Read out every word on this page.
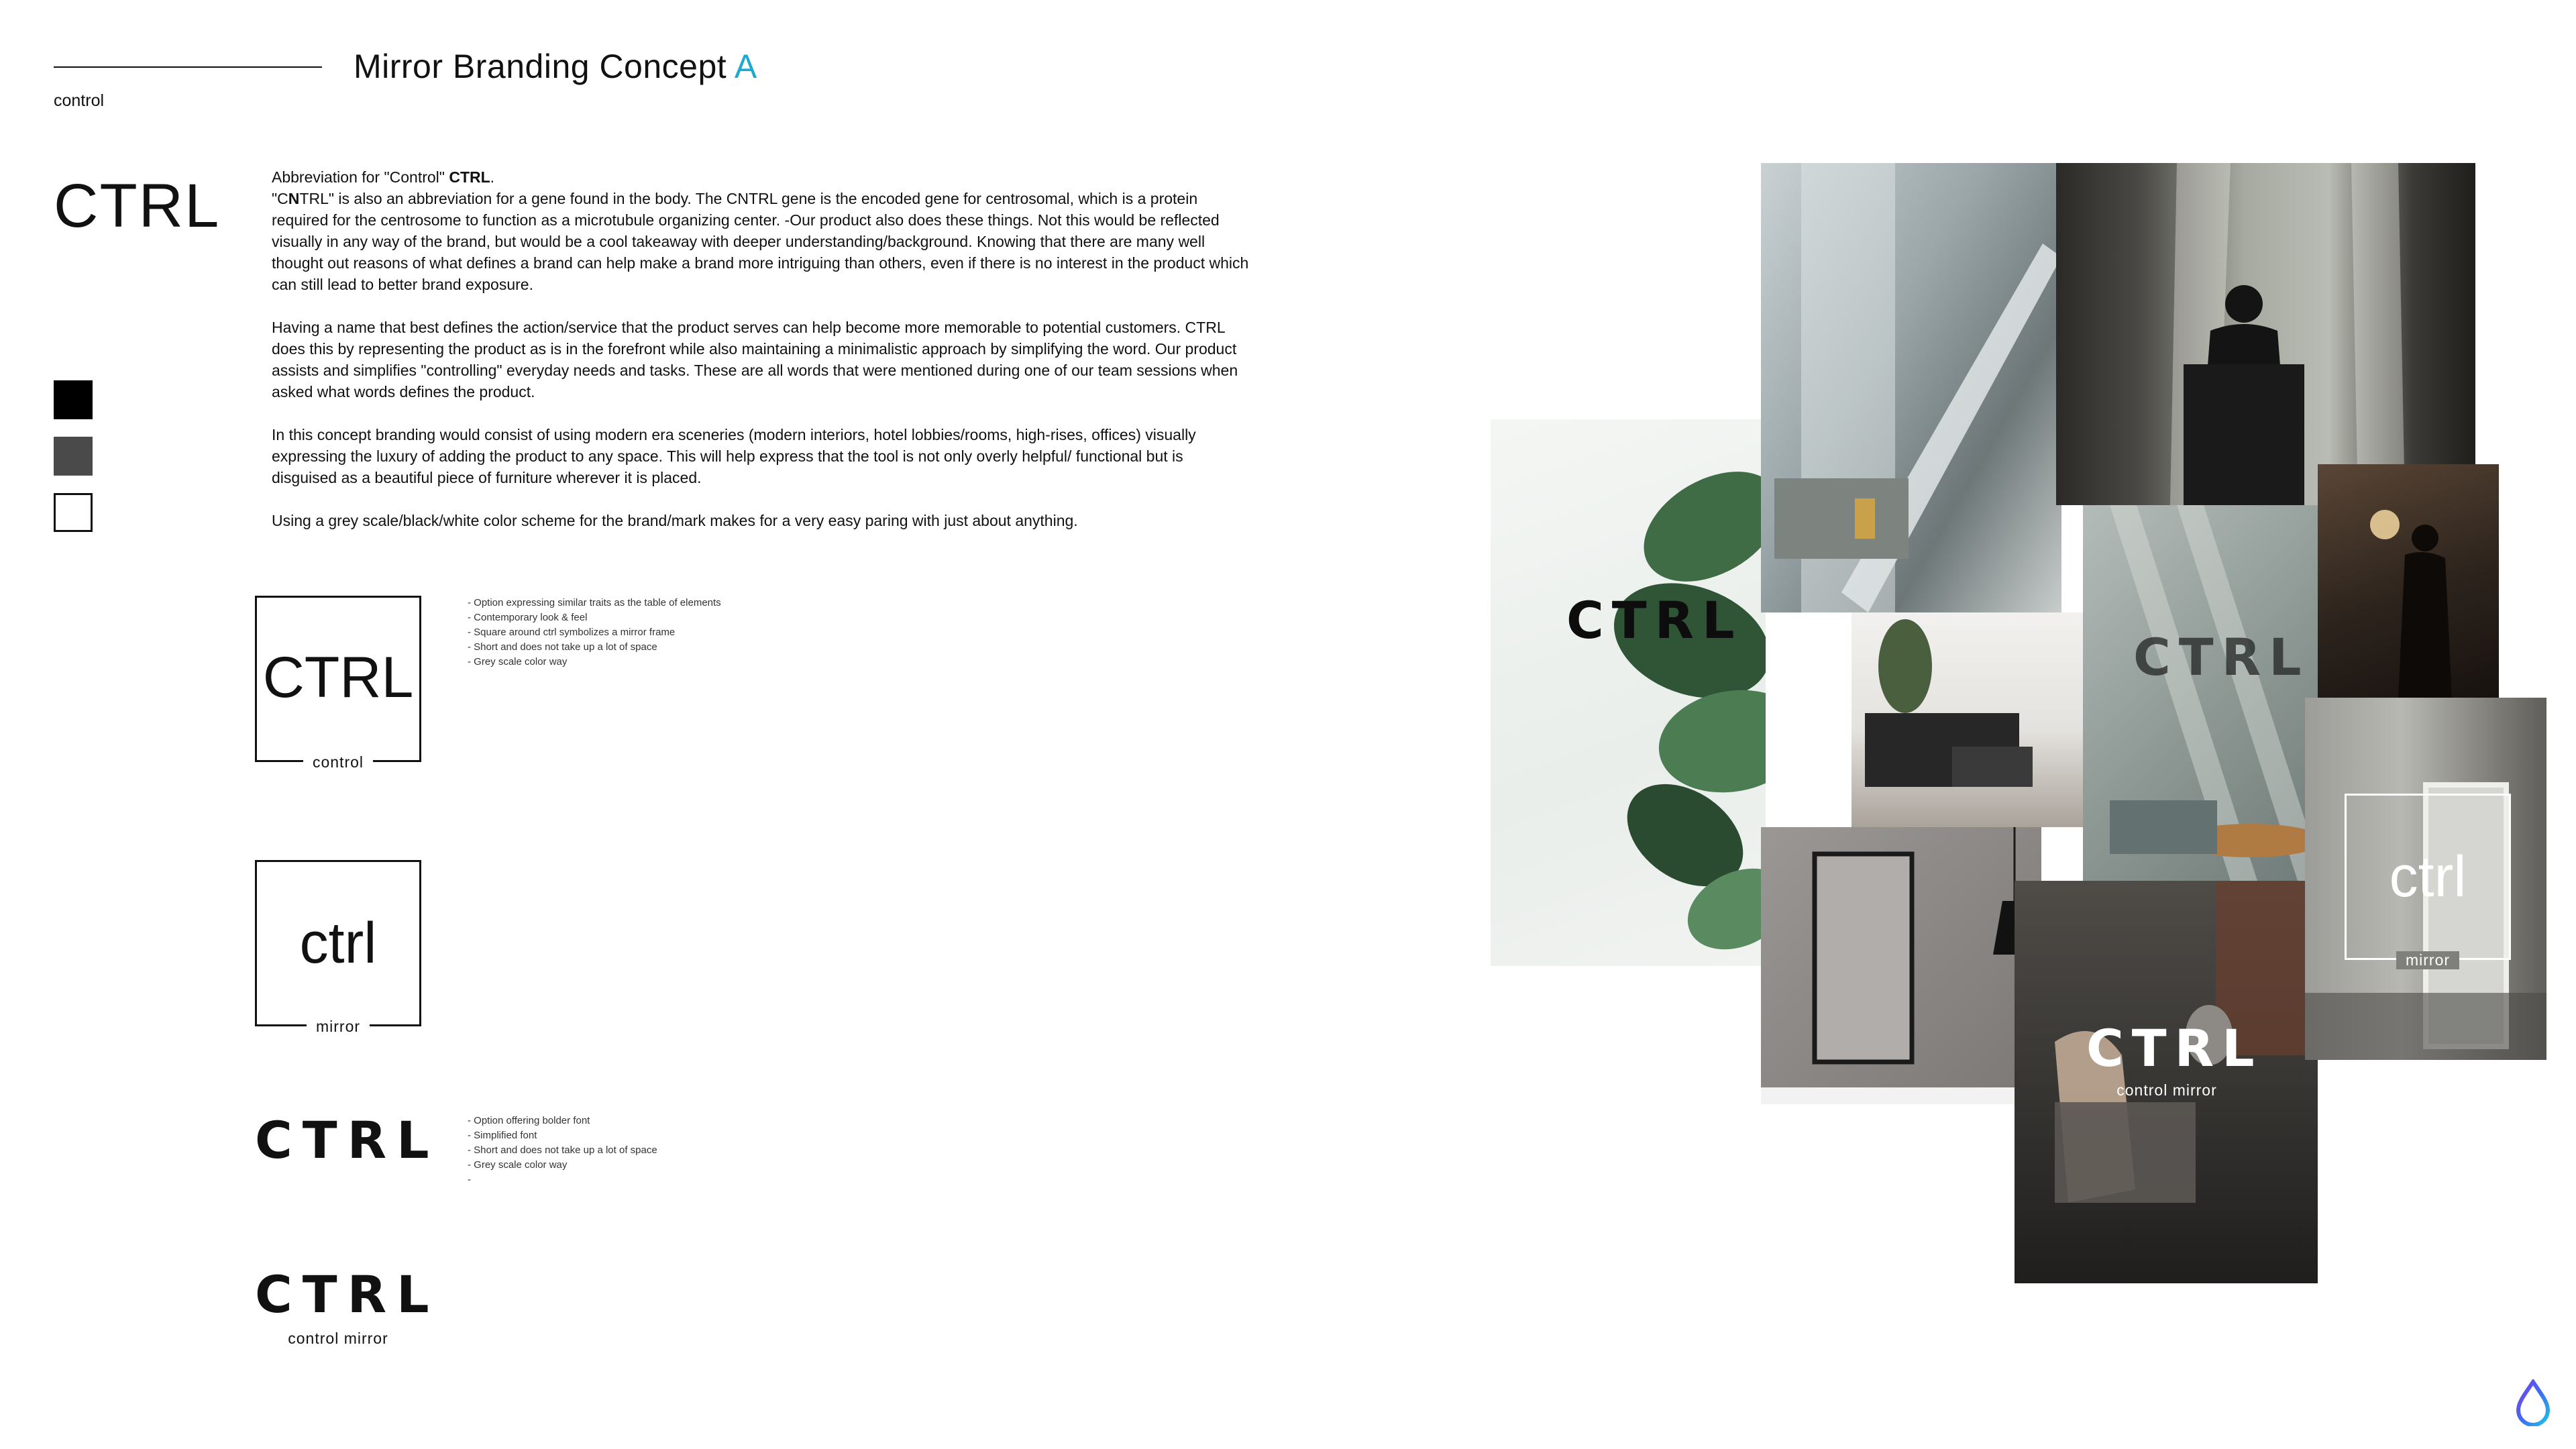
control
Mirror Branding Concept A
CTRL	Abbreviation for "Control" CTRL.
"CNTRL" is also an abbreviation for a gene found in the body. The CNTRL gene is the encoded gene for centrosomal, which is a protein required for the centrosome to function as a microtubule organizing center. -Our product also does these things. Not this would be reflected visually in any way of the brand, but would be a cool takeaway with deeper understanding/background. Knowing that there are many well thought out reasons of what defines a brand can help make a brand more intriguing than others, even if there is no interest in the product which can still lead to better brand exposure.

Having a name that best defines the action/service that the product serves can help become more memorable to potential customers. CTRL does this by representing the product as is in the forefront while also maintaining a minimalistic approach by simplifying the word. Our product assists and simplifies "controlling" everyday needs and tasks. These are all words that were mentioned during one of our team sessions when asked what words defines the product.

In this concept branding would consist of using modern era sceneries (modern interiors, hotel lobbies/rooms, high-rises, offices) visually expressing the luxury of adding the product to any space. This will help express that the tool is not only overly helpful/ functional but is disguised as a beautiful piece of furniture wherever it is placed.

Using a grey scale/black/white color scheme for the brand/mark makes for a very easy paring with just about anything.

CTRL
control
- Option expressing similar traits as the table of elements
- Contemporary look & feel
- Square around ctrl symbolizes a mirror frame
- Short and does not take up a lot of space
- Grey scale color way
ctrl
mirror
CTRL	- Option offering bolder font
- Simplified font
- Short and does not take up a lot of space
- Grey scale color way
-
CTRL
control mirror
CTRL
CTRL
CTRL
control mirror
ctrl
mirror
